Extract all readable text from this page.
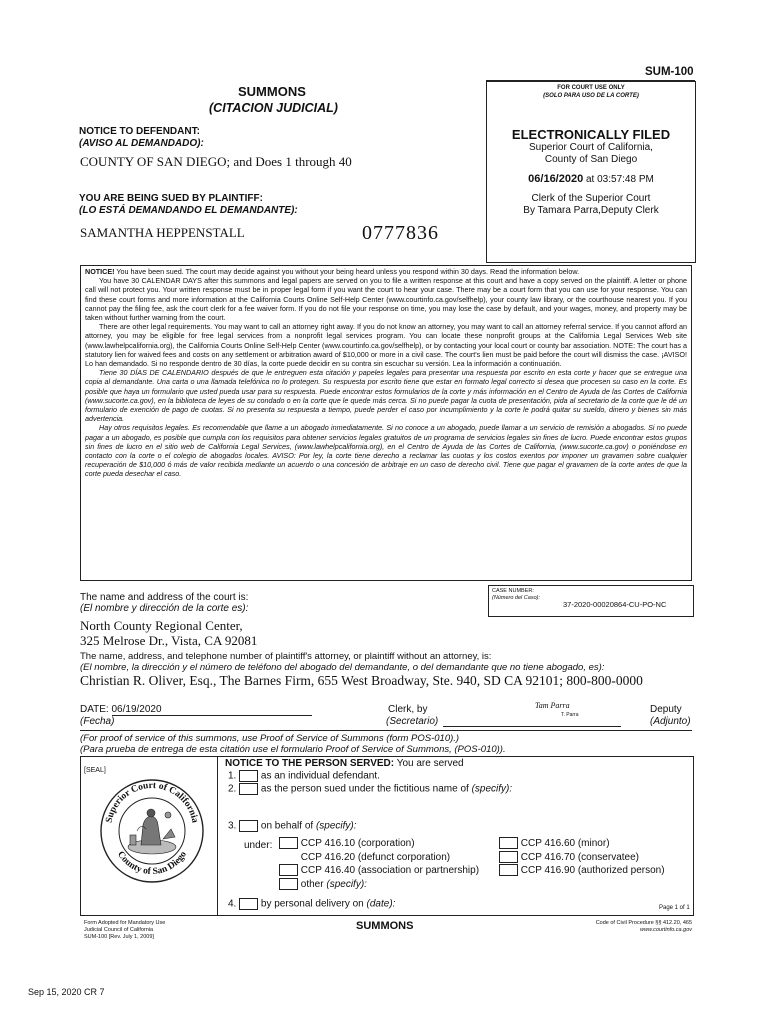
SUM-100
SUMMONS
(CITACION JUDICIAL)
NOTICE TO DEFENDANT:
(AVISO AL DEMANDADO):
COUNTY OF SAN DIEGO; and Does 1 through 40
YOU ARE BEING SUED BY PLAINTIFF:
(LO ESTÁ DEMANDANDO EL DEMANDANTE):
SAMANTHA HEPPENSTALL	0777836
FOR COURT USE ONLY
(SOLO PARA USO DE LA CORTE)
ELECTRONICALLY FILED
Superior Court of California,
County of San Diego
06/16/2020 at 03:57:48 PM
Clerk of the Superior Court
By Tamara Parra,Deputy Clerk
NOTICE! You have been sued. The court may decide against you without your being heard unless you respond within 30 days. Read the information below.
You have 30 CALENDAR DAYS after this summons and legal papers are served on you to file a written response at this court and have a copy served on the plaintiff. A letter or phone call will not protect you. Your written response must be in proper legal form if you want the court to hear your case. There may be a court form that you can use for your response. You can find these court forms and more information at the California Courts Online Self-Help Center (www.courtinfo.ca.gov/selfhelp), your county law library, or the courthouse nearest you. If you cannot pay the filing fee, ask the court clerk for a fee waiver form. If you do not file your response on time, you may lose the case by default, and your wages, money, and property may be taken without further warning from the court.
There are other legal requirements. You may want to call an attorney right away. If you do not know an attorney, you may want to call an attorney referral service. If you cannot afford an attorney, you may be eligible for free legal services from a nonprofit legal services program. You can locate these nonprofit groups at the California Legal Services Web site (www.lawhelpcalifornia.org), the California Courts Online Self-Help Center (www.courtinfo.ca.gov/selfhelp), or by contacting your local court or county bar association. NOTE: The court has a statutory lien for waived fees and costs on any settlement or arbitration award of $10,000 or more in a civil case. The court's lien must be paid before the court will dismiss the case. ¡AVISO! Lo han demandado. Si no responde dentro de 30 días, la corte puede decidir en su contra sin escuchar su versión. Lea la información a continuación.
Tiene 30 DÍAS DE CALENDARIO después de que le entreguen esta citación y papeles legales para presentar una respuesta por escrito en esta corte y hacer que se entregue una copia al demandante. Una carta o una llamada telefónica no lo protegen. Su respuesta por escrito tiene que estar en formato legal correcto si desea que procesen su caso en la corte. Es posible que haya un formulario que usted pueda usar para su respuesta. Puede encontrar estos formularios de la corte y más información en el Centro de Ayuda de las Cortes de California (www.sucorte.ca.gov), en la biblioteca de leyes de su condado o en la corte que le quede más cerca. Si no puede pagar la cuota de presentación, pida al secretario de la corte que le dé un formulario de exención de pago de cuotas. Si no presenta su respuesta a tiempo, puede perder el caso por incumplimiento y la corte le podrá quitar su sueldo, dinero y bienes sin más advertencia.
Hay otros requisitos legales. Es recomendable que llame a un abogado inmediatamente. Si no conoce a un abogado, puede llamar a un servicio de remisión a abogados. Si no puede pagar a un abogado, es posible que cumpla con los requisitos para obtener servicios legales gratuitos de un programa de servicios legales sin fines de lucro. Puede encontrar estos grupos sin fines de lucro en el sitio web de California Legal Services, (www.lawhelpcalifornia.org), en el Centro de Ayuda de las Cortes de California, (www.sucorte.ca.gov) o poniéndose en contacto con la corte o el colegio de abogados locales. AVISO: Por ley, la corte tiene derecho a reclamar las cuotas y los costos exentos por imponer un gravamen sobre cualquier recuperación de $10,000 ó más de valor recibida mediante un acuerdo o una concesión de arbitraje en un caso de derecho civil. Tiene que pagar el gravamen de la corte antes de que la corte pueda desechar el caso.
The name and address of the court is:
(El nombre y dirección de la corte es):
CASE NUMBER:
(Número del Caso):
37-2020-00020864-CU-PO-NC
North County Regional Center,
325 Melrose Dr., Vista, CA 92081
The name, address, and telephone number of plaintiff's attorney, or plaintiff without an attorney, is:
(El nombre, la dirección y el número de teléfono del abogado del demandante, o del demandante que no tiene abogado, es):
Christian R. Oliver, Esq., The Barnes Firm, 655 West Broadway, Ste. 940, SD CA 92101; 800-800-0000
DATE: 06/19/2020
(Fecha)
Clerk, by
(Secretario)
Tam Parra
T. Parra	Deputy
(Adjunto)
(For proof of service of this summons, use Proof of Service of Summons (form POS-010).)
(Para prueba de entrega de esta citatión use el formulario Proof of Service of Summons, (POS-010)).
[SEAL]
Superior Court of California
County of San Diego
NOTICE TO THE PERSON SERVED: You are served
1. as an individual defendant.
2. as the person sued under the fictitious name of (specify):
3. on behalf of (specify):
under:	CCP 416.10 (corporation)
CCP 416.20 (defunct corporation)
CCP 416.40 (association or partnership)
other (specify):
CCP 416.60 (minor)
CCP 416.70 (conservatee)
CCP 416.90 (authorized person)
4. by personal delivery on (date):	Page 1 of 1
Form Adopted for Mandatory Use
Judicial Council of California
SUM-100 [Rev. July 1, 2009]
SUMMONS	Code of Civil Procedure §§ 412.20, 465
www.courtinfo.ca.gov
Sep 15, 2020 CR 7
